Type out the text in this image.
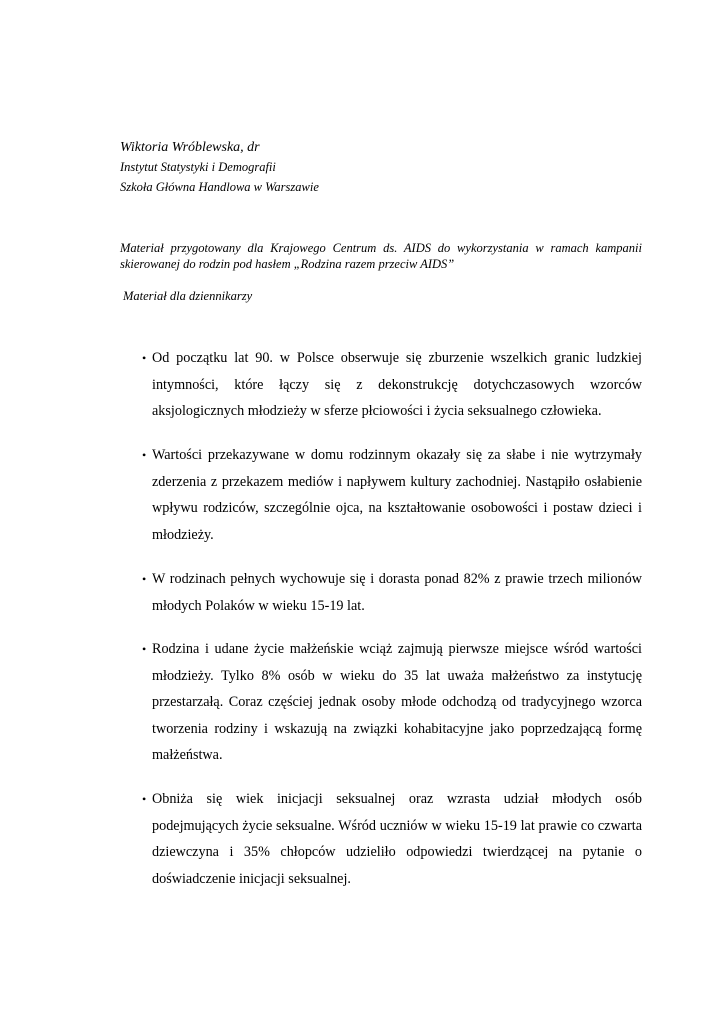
Wiktoria Wróblewska, dr
Instytut Statystyki i Demografii
Szkoła Główna Handlowa w Warszawie
Materiał przygotowany dla Krajowego Centrum ds. AIDS do wykorzystania w ramach kampanii skierowanej do rodzin pod hasłem „Rodzina razem przeciw AIDS”
Materiał dla dziennikarzy
• Od początku lat 90. w Polsce obserwuje się zburzenie wszelkich granic ludzkiej intymności, które łączy się z dekonstrukcję dotychczasowych wzorców aksjologicznych młodzieży w sferze płciowości i życia seksualnego człowieka.
• Wartości przekazywane w domu rodzinnym okazały się za słabe i nie wytrzymały zderzenia z przekazem mediów i napływem kultury zachodniej. Nastąpiło osłabienie wpływu rodziców, szczególnie ojca, na kształtowanie osobowości i postaw dzieci i młodzieży.
• W rodzinach pełnych wychowuje się i dorasta ponad 82% z prawie trzech milionów młodych Polaków w wieku 15-19 lat.
• Rodzina i udane życie małżeńskie wciąż zajmują pierwsze miejsce wśród wartości młodzieży. Tylko 8% osób w wieku do 35 lat uważa małżeństwo za instytucję przestarzałą. Coraz częściej jednak osoby młode odchodzą od tradycyjnego wzorca tworzenia rodziny i wskazują na związki kohabitacyjne jako poprzedzającą formę małżeństwa.
• Obniża się wiek inicjacji seksualnej oraz wzrasta udział młodych osób podejmujących życie seksualne. Wśród uczniów w wieku 15-19 lat prawie co czwarta dziewczyna i 35% chłopców udzieliło odpowiedzi twierdzącej na pytanie o doświadczenie inicjacji seksualnej.
